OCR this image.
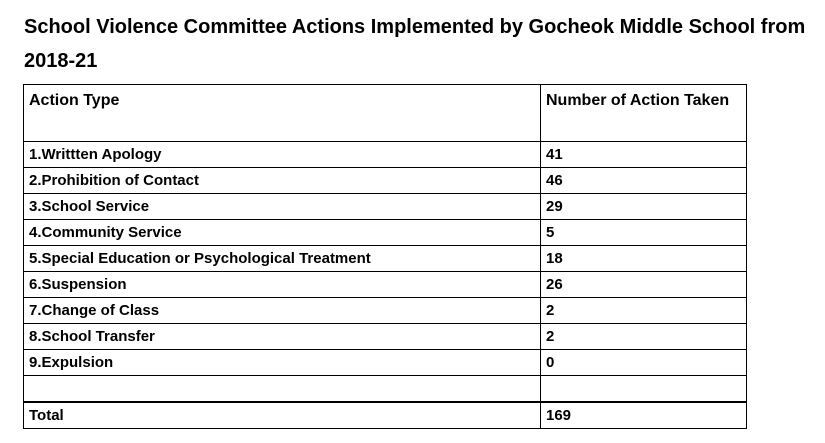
School Violence Committee Actions Implemented by Gocheok Middle School from 2018-21
Action Type	Number of Action Taken
1.Writtten Apology	41
2.Prohibition of Contact	46
3.School Service	29
4.Community Service	5
5.Special Education or Psychological Treatment	18
6.Suspension	26
7.Change of Class	2
8.School Transfer	2
9.Expulsion	0

Total	169
